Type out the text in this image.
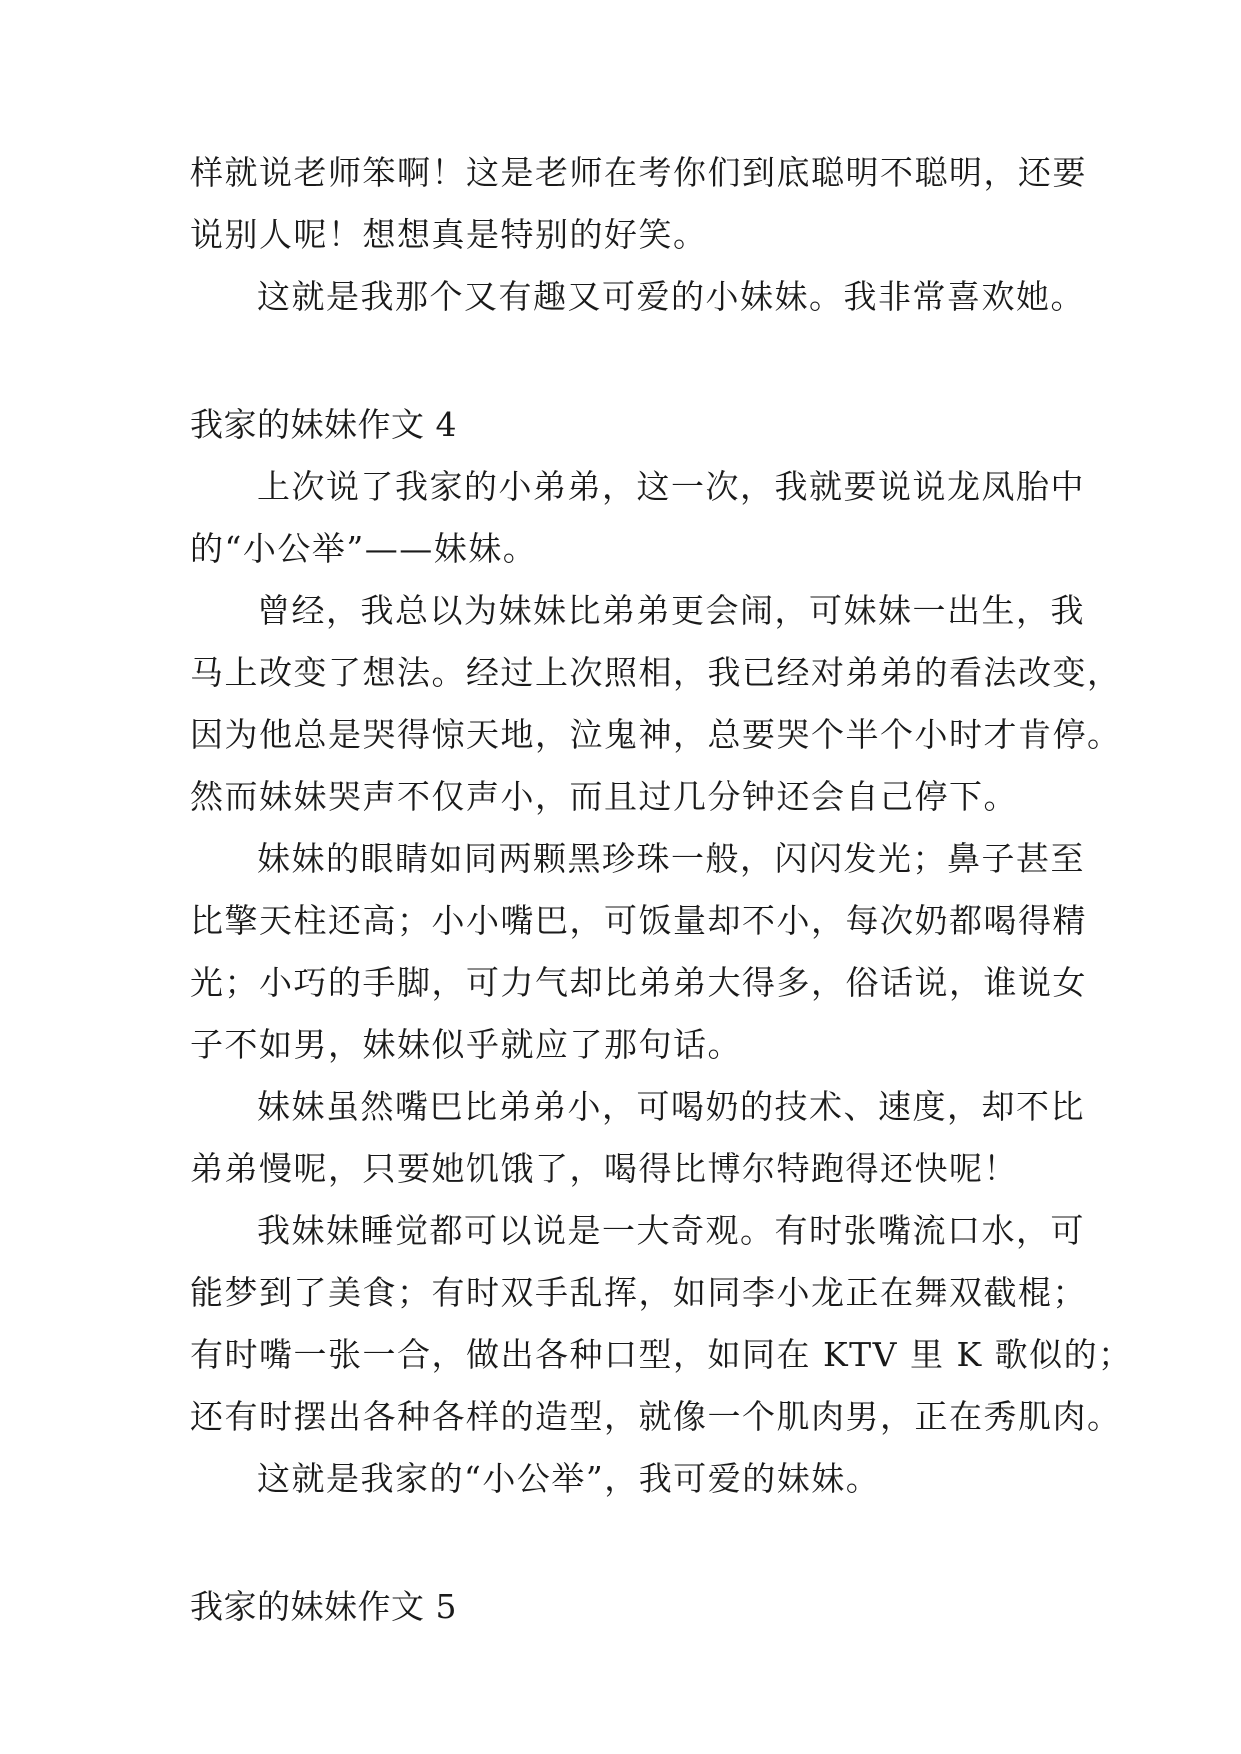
样就说老师笨啊！这是老师在考你们到底聪明不聪明，还要
说别人呢！想想真是特别的好笑。
这就是我那个又有趣又可爱的小妹妹。我非常喜欢她。
我家的妹妹作文 4
上次说了我家的小弟弟，这一次，我就要说说龙凤胎中
的“小公举”——妹妹。
曾经，我总以为妹妹比弟弟更会闹，可妹妹一出生，我
马上改变了想法。经过上次照相，我已经对弟弟的看法改变，
因为他总是哭得惊天地，泣鬼神，总要哭个半个小时才肯停。
然而妹妹哭声不仅声小，而且过几分钟还会自己停下。
妹妹的眼睛如同两颗黑珍珠一般，闪闪发光；鼻子甚至
比擎天柱还高；小小嘴巴，可饭量却不小，每次奶都喝得精
光；小巧的手脚，可力气却比弟弟大得多，俗话说，谁说女
子不如男，妹妹似乎就应了那句话。
妹妹虽然嘴巴比弟弟小，可喝奶的技术、速度，却不比
弟弟慢呢，只要她饥饿了，喝得比博尔特跑得还快呢！
我妹妹睡觉都可以说是一大奇观。有时张嘴流口水，可
能梦到了美食；有时双手乱挥，如同李小龙正在舞双截棍；
有时嘴一张一合，做出各种口型，如同在 KTV 里 K 歌似的；
还有时摆出各种各样的造型，就像一个肌肉男，正在秀肌肉。
这就是我家的“小公举”，我可爱的妹妹。
我家的妹妹作文 5
